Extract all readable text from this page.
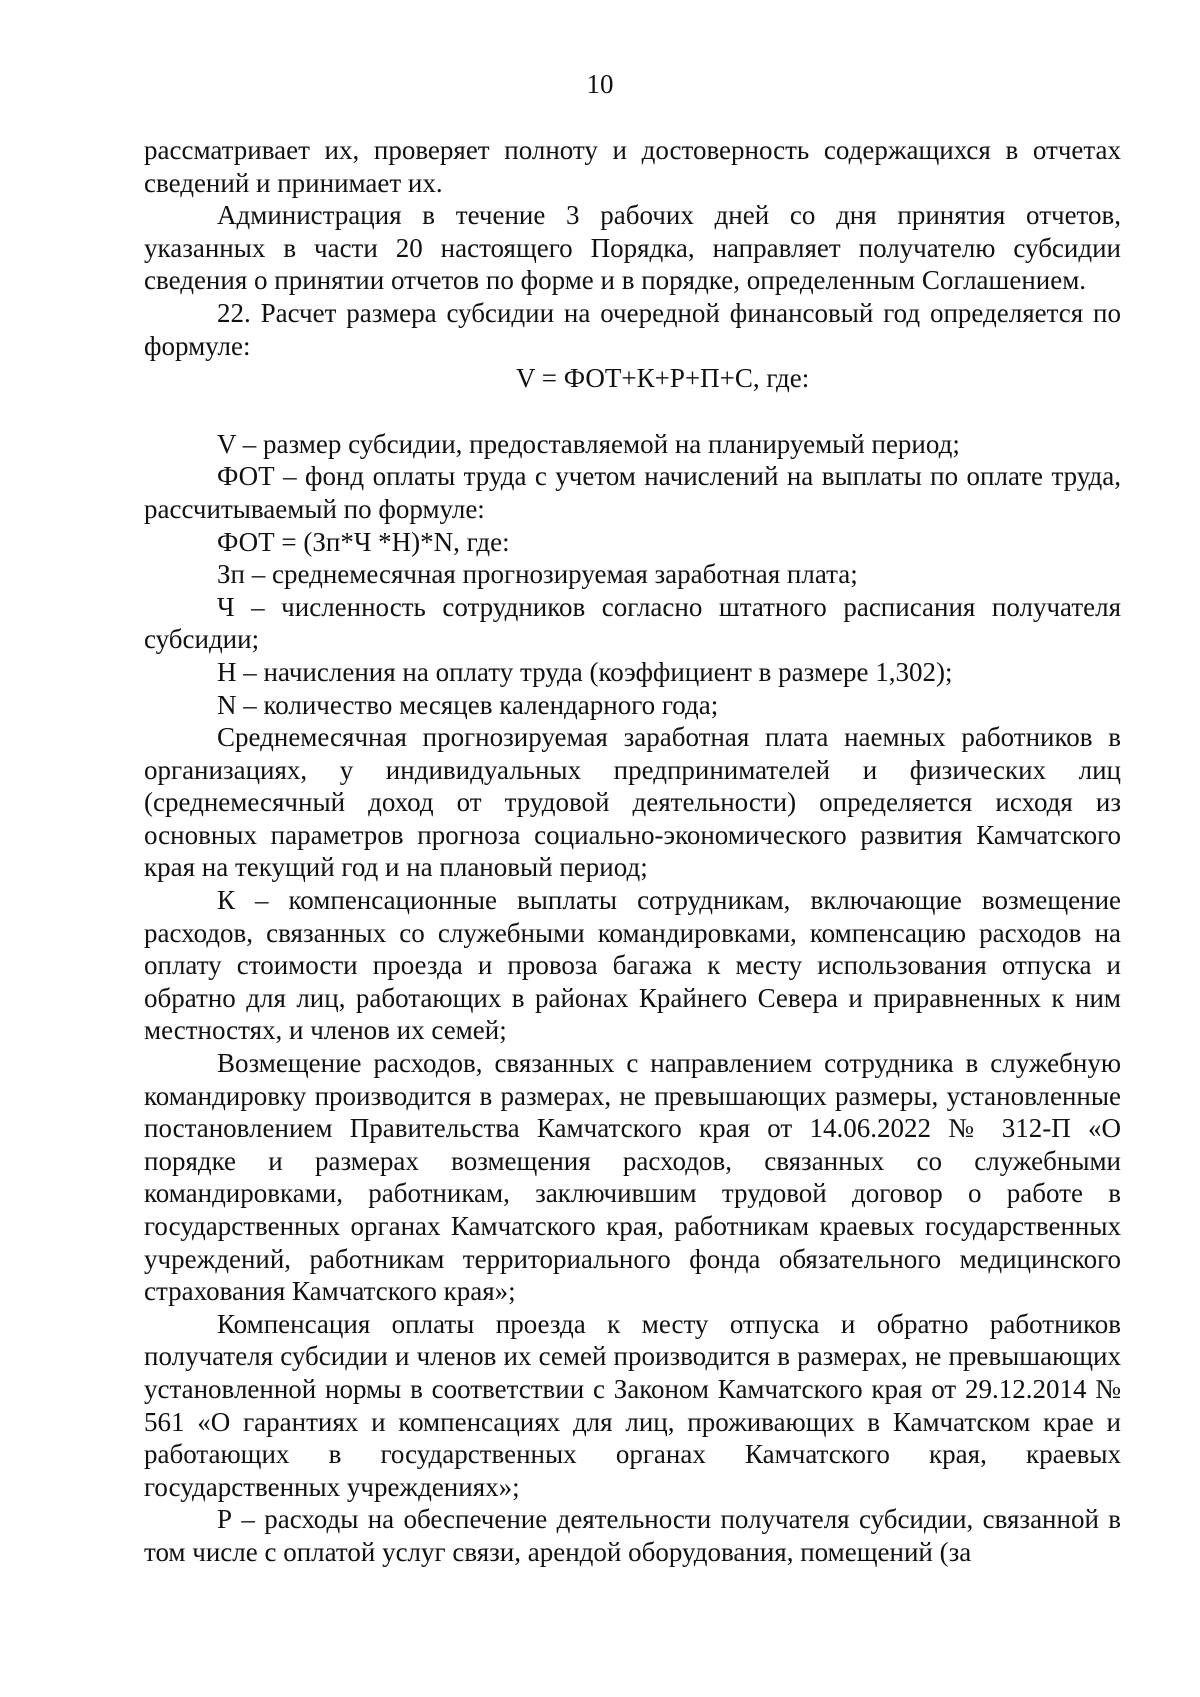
10

рассматривает их, проверяет полноту и достоверность содержащихся в отчетах сведений и принимает их.

Администрация в течение 3 рабочих дней со дня принятия отчетов, указанных в части 20 настоящего Порядка, направляет получателю субсидии сведения о принятии отчетов по форме и в порядке, определенным Соглашением.

22. Расчет размера субсидии на очередной финансовый год определяется по формуле:

V = ФОТ+К+Р+П+С, где:

V – размер субсидии, предоставляемой на планируемый период;

ФОТ – фонд оплаты труда с учетом начислений на выплаты по оплате труда, рассчитываемый по формуле:

ФОТ = (Зп*Ч *Н)*N, где:

Зп – среднемесячная прогнозируемая заработная плата;

Ч – численность сотрудников согласно штатного расписания получателя субсидии;

Н – начисления на оплату труда (коэффициент в размере 1,302);

N – количество месяцев календарного года;

Среднемесячная прогнозируемая заработная плата наемных работников в организациях, у индивидуальных предпринимателей и физических лиц (среднемесячный доход от трудовой деятельности) определяется исходя из основных параметров прогноза социально-экономического развития Камчатского края на текущий год и на плановый период;

К – компенсационные выплаты сотрудникам, включающие возмещение расходов, связанных со служебными командировками, компенсацию расходов на оплату стоимости проезда и провоза багажа к месту использования отпуска и обратно для лиц, работающих в районах Крайнего Севера и приравненных к ним местностях, и членов их семей;

Возмещение расходов, связанных с направлением сотрудника в служебную командировку производится в размерах, не превышающих размеры, установленные постановлением Правительства Камчатского края от 14.06.2022 № 312-П «О порядке и размерах возмещения расходов, связанных со служебными командировками, работникам, заключившим трудовой договор о работе в государственных органах Камчатского края, работникам краевых государственных учреждений, работникам территориального фонда обязательного медицинского страхования Камчатского края»;

Компенсация оплаты проезда к месту отпуска и обратно работников получателя субсидии и членов их семей производится в размерах, не превышающих установленной нормы в соответствии с Законом Камчатского края от 29.12.2014 № 561 «О гарантиях и компенсациях для лиц, проживающих в Камчатском крае и работающих в государственных органах Камчатского края, краевых государственных учреждениях»;

Р – расходы на обеспечение деятельности получателя субсидии, связанной в том числе с оплатой услуг связи, арендой оборудования, помещений (за
